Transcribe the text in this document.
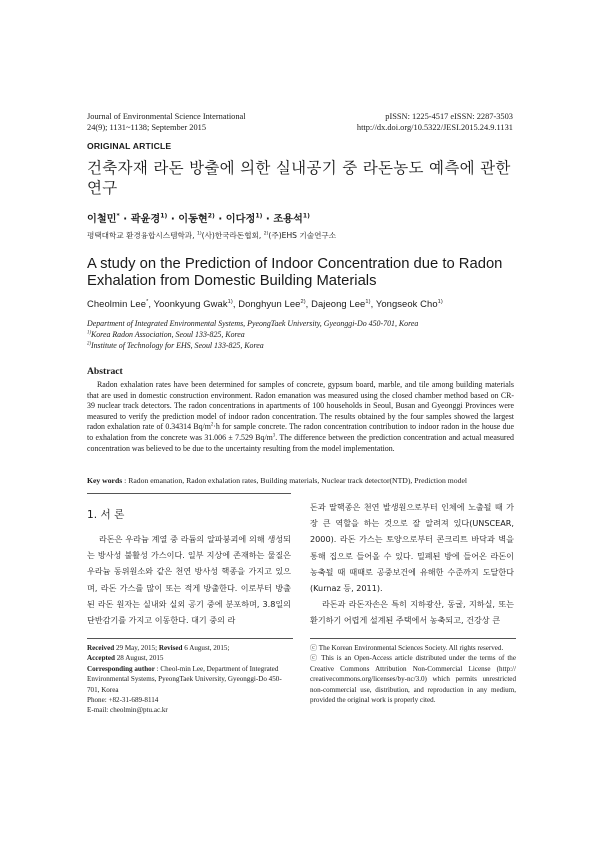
Journal of Environmental Science International
24(9); 1131~1138; September 2015
pISSN: 1225-4517 eISSN: 2287-3503
http://dx.doi.org/10.5322/JESI.2015.24.9.1131
ORIGINAL ARTICLE
건축자재 라돈 방출에 의한 실내공기 중 라돈농도 예측에 관한 연구
이철민* · 곽윤경$^{1)}$ · 이동현$^{2)}$ · 이다정$^{1)}$ · 조용석$^{1)}$
평택대학교 환경융합시스템학과, $^{1)}$(사)한국라돈협회, $^{2)}$(주)EHS 기술연구소
A study on the Prediction of Indoor Concentration due to Radon Exhalation from Domestic Building Materials
Cheolmin Lee*, Yoonkyung Gwak$^{1)}$, Donghyun Lee$^{2)}$, Dajeong Lee$^{1)}$, Yongseok Cho$^{1)}$
Department of Integrated Environmental Systems, PyeongTaek University, Gyeonggi-Do 450-701, Korea
$^{1)}$Korea Radon Association, Seoul 133-825, Korea
$^{2)}$Institute of Technology for EHS, Seoul 133-825, Korea
Abstract
Radon exhalation rates have been determined for samples of concrete, gypsum board, marble, and tile among building materials that are used in domestic construction environment. Radon emanation was measured using the closed chamber method based on CR-39 nuclear track detectors. The radon concentrations in apartments of 100 households in Seoul, Busan and Gyeonggi Provinces were measured to verify the prediction model of indoor radon concentration. The results obtained by the four samples showed the largest radon exhalation rate of 0.34314 $Bq/m^2\cdot h$ for sample concrete. The radon concentration contribution to indoor radon in the house due to exhalation from the concrete was 31.006 ± 7.529 $Bq/m^3$. The difference between the prediction concentration and actual measured concentration was believed to be due to the uncertainty resulting from the model implementation.
Key words : Radon emanation, Radon exhalation rates, Building materials, Nuclear track detector(NTD), Prediction model
1. 서 론
라돈은 우라늄 계열 중 라듐의 알파붕괴에 의해 생성되는 방사성 불활성 가스이다. 일부 지상에 존재하는 물질은 우라늄 동위원소와 같은 천연 방사성 핵종을 가지고 있으며, 라돈 가스를 많이 또는 적게 방출한다. 이로부터 방출된 라돈 원자는 실내와 실외 공기 중에 분포하며, 3.8일의 단반감기를 가지고 이동한다. 대기 중의 라
돈과 딸핵종은 천연 발생원으로부터 인체에 노출될 때 가장 큰 역할을 하는 것으로 잘 알려져 있다(UNSCEAR, 2000). 라돈 가스는 토양으로부터 콘크리트 바닥과 벽을 통해 집으로 들어올 수 있다. 밀폐된 방에 들어온 라돈이 농축될 때 때때로 공중보건에 유해한 수준까지 도달한다(Kurnaz 등, 2011).
라돈과 라돈자손은 특히 지하광산, 동굴, 지하실, 또는 환기하기 어렵게 설계된 주택에서 농축되고, 건강상 큰
Received 29 May, 2015; Revised 6 August, 2015;
Accepted 28 August, 2015
Corresponding author : Cheol-min Lee, Department of Integrated Environmental Systems, PyeongTaek University, Gyeonggi-Do 450-701, Korea
Phone: +82-31-689-8114
E-mail: cheolmin@ptu.ac.kr
ⓒ The Korean Environmental Sciences Society. All rights reserved.
ⓒ This is an Open-Access article distributed under the terms of the Creative Commons Attribution Non-Commercial License (http:// creativecommons.org/licenses/by-nc/3.0) which permits unrestricted non-commercial use, distribution, and reproduction in any medium, provided the original work is properly cited.
